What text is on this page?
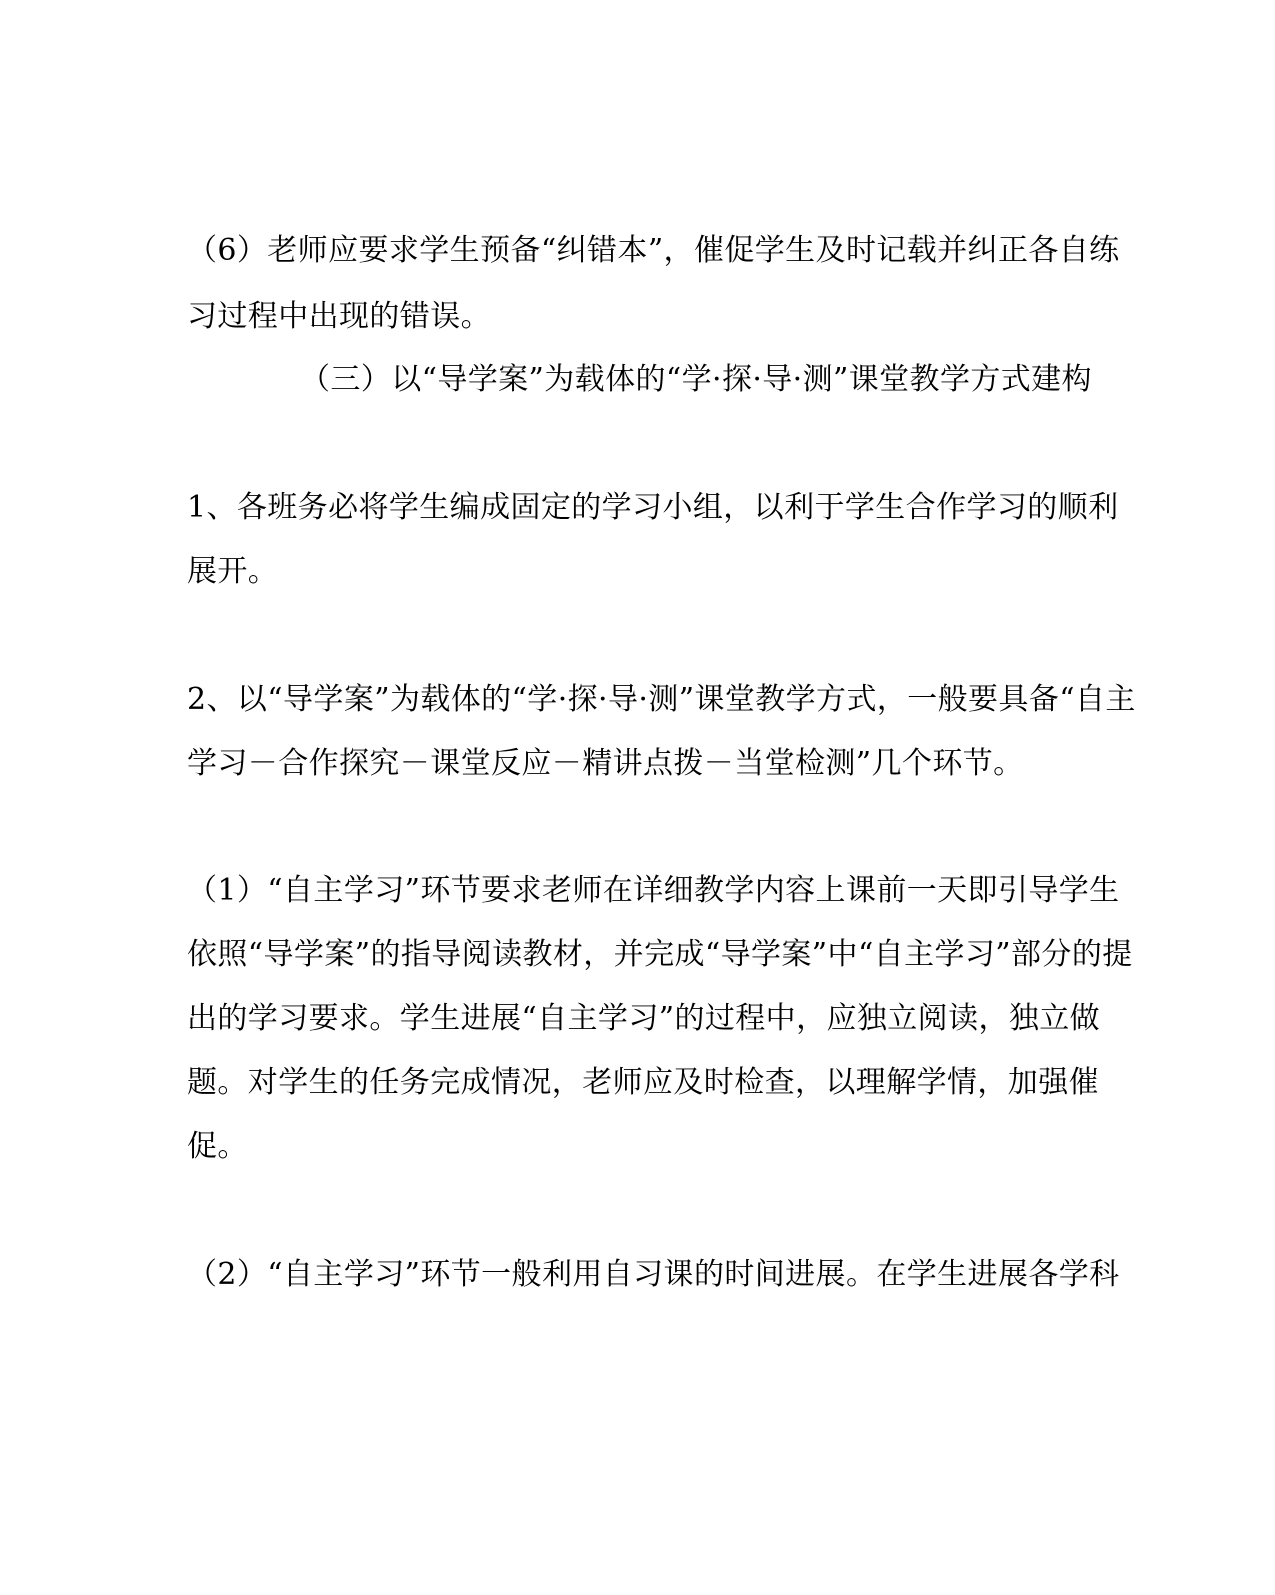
（6）老师应要求学生预备“纠错本”，催促学生及时记载并纠正各自练
习过程中出现的错误。
（三）以“导学案”为载体的“学·探·导·测”课堂教学方式建构
1、各班务必将学生编成固定的学习小组，以利于学生合作学习的顺利
展开。
2、以“导学案”为载体的“学·探·导·测”课堂教学方式，一般要具备“自主
学习－合作探究－课堂反应－精讲点拨－当堂检测”几个环节。
（1）“自主学习”环节要求老师在详细教学内容上课前一天即引导学生
依照“导学案”的指导阅读教材，并完成“导学案”中“自主学习”部分的提
出的学习要求。学生进展“自主学习”的过程中，应独立阅读，独立做
题。对学生的任务完成情况，老师应及时检查，以理解学情，加强催
促。
（2）“自主学习”环节一般利用自习课的时间进展。在学生进展各学科
